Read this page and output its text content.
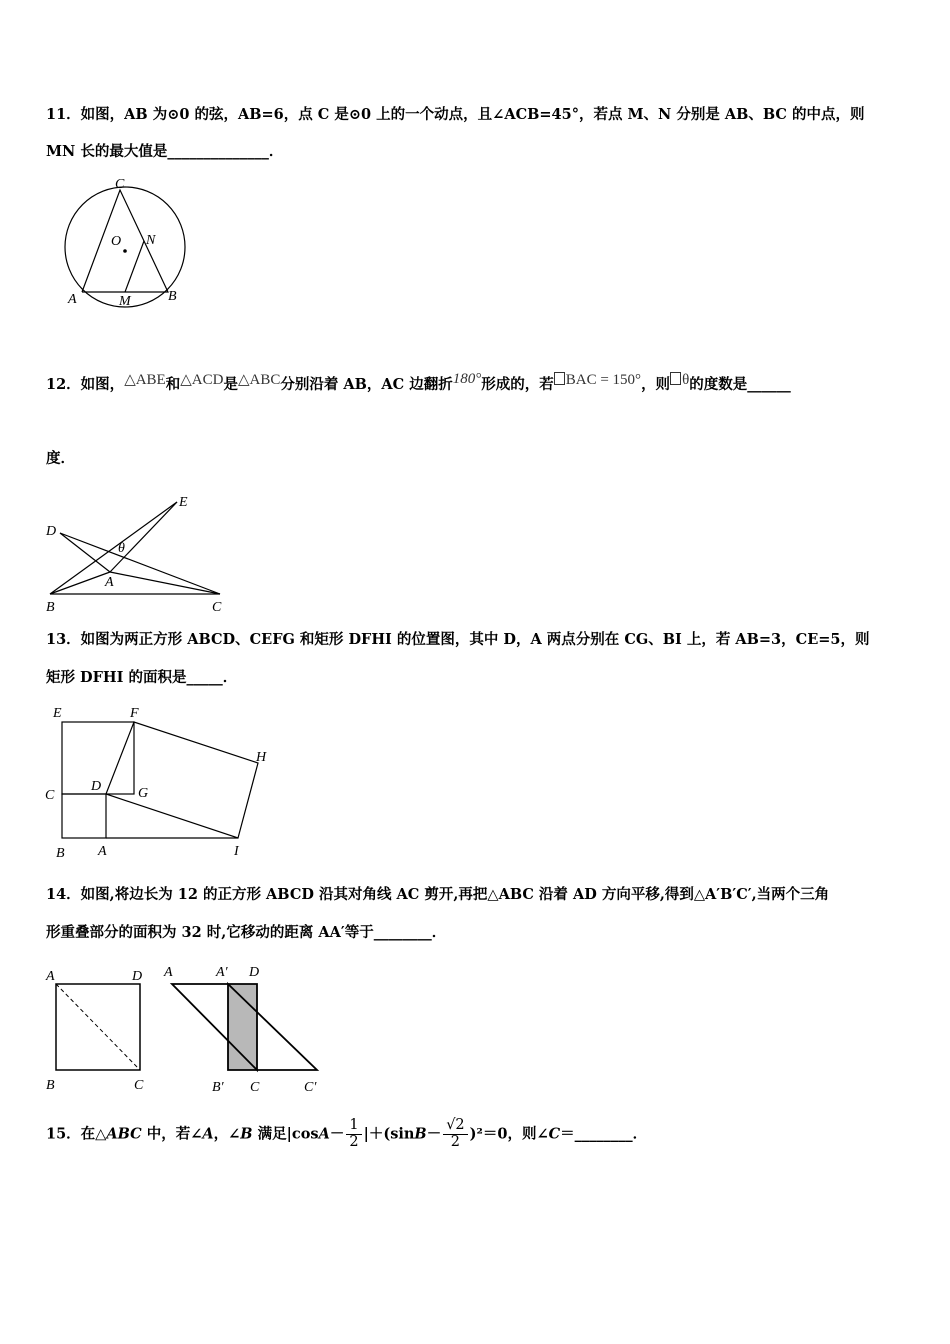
11．如图，AB 为⊙0 的弦，AB=6，点 C 是⊙0 上的一个动点，且∠ACB=45°，若点 M、N 分别是 AB、BC 的中点，则
MN 长的最大值是______________．
C
O N
A	M	B
12．如图，△ABE和△ACD是△ABC分别沿着 AB，AC 边翻折180°形成的，若 BAC = 150°，则 θ的度数是______
度．
D
E
θ
A
B	C
13．如图为两正方形 ABCD、CEFG 和矩形 DFHI 的位置图，其中 D，A 两点分别在 CG、BI 上，若 AB=3，CE=5，则
矩形 DFHI 的面积是_____．
E	F
H
C
D	G
B A	I
14．如图,将边长为 12 的正方形 ABCD 沿其对角线 AC 剪开,再把△ABC 沿着 AD 方向平移,得到△A′B′C′,当两个三角
形重叠部分的面积为 32 时,它移动的距离 AA′等于________．
A	D
B	C
A	A′ D
B′ C	C′
15．在△ABC 中，若∠A，∠B 满足$|\cos A- \frac{1}{2} |+(\sin B- \frac{√2}{2} )^2=0$，则∠C＝________．
